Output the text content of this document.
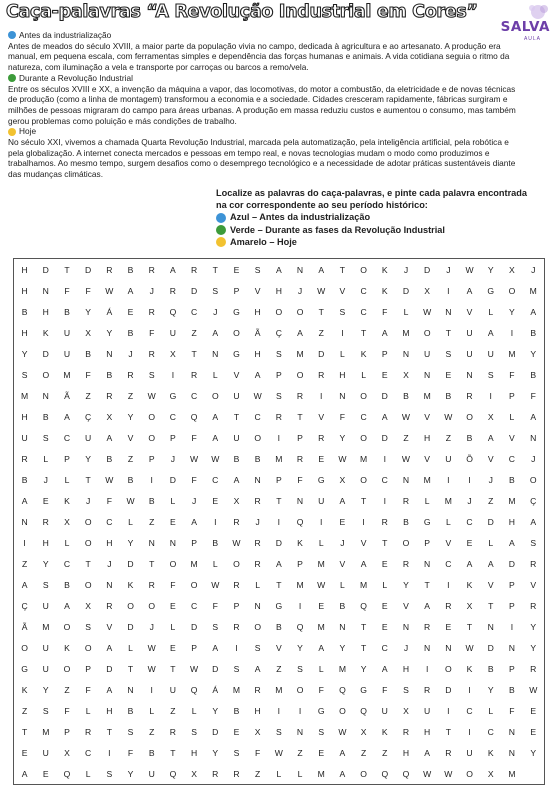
Caça-palavras “A Revolução Industrial em Cores”
SALVA
AULA
Antes da industrialização
Antes de meados do século XVIII, a maior parte da população vivia no campo, dedicada à agricultura e ao artesanato. A produção era manual, em pequena escala, com ferramentas simples e dependência das forças humanas e animais. A vida cotidiana seguia o ritmo da natureza, com iluminação a vela e transporte por carroças ou barcos a remo/vela.
Durante a Revolução Industrial
Entre os séculos XVIII e XX, a invenção da máquina a vapor, das locomotivas, do motor a combustão, da eletricidade e de novas técnicas de produção (como a linha de montagem) transformou a economia e a sociedade. Cidades cresceram rapidamente, fábricas surgiram e milhões de pessoas migraram do campo para áreas urbanas. A produção em massa reduziu custos e aumentou o consumo, mas também gerou problemas como poluição e más condições de trabalho.
Hoje
No século XXI, vivemos a chamada Quarta Revolução Industrial, marcada pela automatização, pela inteligência artificial, pela robótica e pela globalização. A internet conecta mercados e pessoas em tempo real, e novas tecnologias mudam o modo como produzimos e trabalhamos. Ao mesmo tempo, surgem desafios como o desemprego tecnológico e a necessidade de adotar práticas sustentáveis diante das mudanças climáticas.
Localize as palavras do caça-palavras, e pinte cada palavra encontrada
na cor correspondente ao seu período histórico:
Azul – Antes da industrialização
Verde – Durante as fases da Revolução Industrial
Amarelo – Hoje
H	D	T	D	R	B	R	A	R	T	E	S	A	N	A	T	O	K	J	D	J	W	Y	X	J
H	N	F	F	W	A	J	R	D	S	P	V	H	J	W	V	C	K	D	X	I	A	G	O	M
B	H	B	Y	Á	E	R	Q	C	J	G	H	O	O	T	S	C	F	L	W	N	V	L	Y	A
H	K	U	X	Y	B	F	U	Z	A	O	Ã	Ç	A	Z	I	T	A	M	O	T	U	A	I	B
Y	D	U	B	N	J	R	X	T	N	G	H	S	M	D	L	K	P	N	U	S	U	U	M	Y
S	O	M	F	B	R	S	I	R	L	V	A	P	O	R	H	L	E	X	N	E	N	S	F	B
M	N	Ã	Z	R	Z	W	G	C	O	U	W	S	R	I	N	O	D	B	M	B	R	I	P	F
H	B	A	Ç	X	Y	O	C	Q	A	T	C	R	T	V	F	C	A	W	V	W	O	X	L	A
U	S	C	U	A	V	O	P	F	A	U	O	I	P	R	Y	O	D	Z	H	Z	B	A	V	N
R	L	P	Y	B	Z	P	J	W	W	B	B	M	R	E	W	M	I	W	V	U	Õ	V	C	J
B	J	L	T	W	B	I	D	F	C	A	N	P	F	G	X	O	C	N	M	I	I	J	B	O
A	E	K	J	F	W	B	L	J	E	X	R	T	N	U	A	T	I	R	L	M	J	Z	M	Ç
N	R	X	O	C	L	Z	E	A	I	R	J	I	Q	I	E	I	R	B	G	L	C	D	H	A
I	H	L	O	H	Y	N	N	P	B	W	R	D	K	L	J	V	T	O	P	V	E	L	A	S
Z	Y	C	T	J	D	T	O	M	L	O	R	A	P	M	V	A	E	R	N	C	A	A	D	R
A	S	B	O	N	K	R	F	O	W	R	L	T	M	W	L	M	L	Y	T	I	K	V	P	V
Ç	U	A	X	R	O	O	E	C	F	P	N	G	I	E	B	Q	E	V	A	R	X	T	P	R
Ã	M	O	S	V	D	J	L	D	S	R	O	B	Q	M	N	T	E	N	R	E	T	N	I	Y
O	U	K	O	A	L	W	E	P	A	I	S	V	Y	A	Y	T	C	J	N	N	W	D	N	Y
G	U	O	P	D	T	W	T	W	D	S	A	Z	S	L	M	Y	A	H	I	O	K	B	P	R
K	Y	Z	F	A	N	I	U	Q	Á	M	R	M	O	F	Q	G	F	S	R	D	I	Y	B	W
Z	S	F	L	H	B	L	Z	L	Y	B	H	I	I	G	O	Q	U	X	U	I	C	L	F	E
T	M	P	R	T	S	Z	R	S	D	E	X	S	N	S	W	X	K	R	H	T	I	C	N	E
E	U	X	C	I	F	B	T	H	Y	S	F	W	Z	E	A	Z	Z	H	A	R	U	K	N	Y
A	E	Q	L	S	Y	U	Q	X	R	R	Z	L	L	M	A	O	Q	Q	W	W	O	X	M	
